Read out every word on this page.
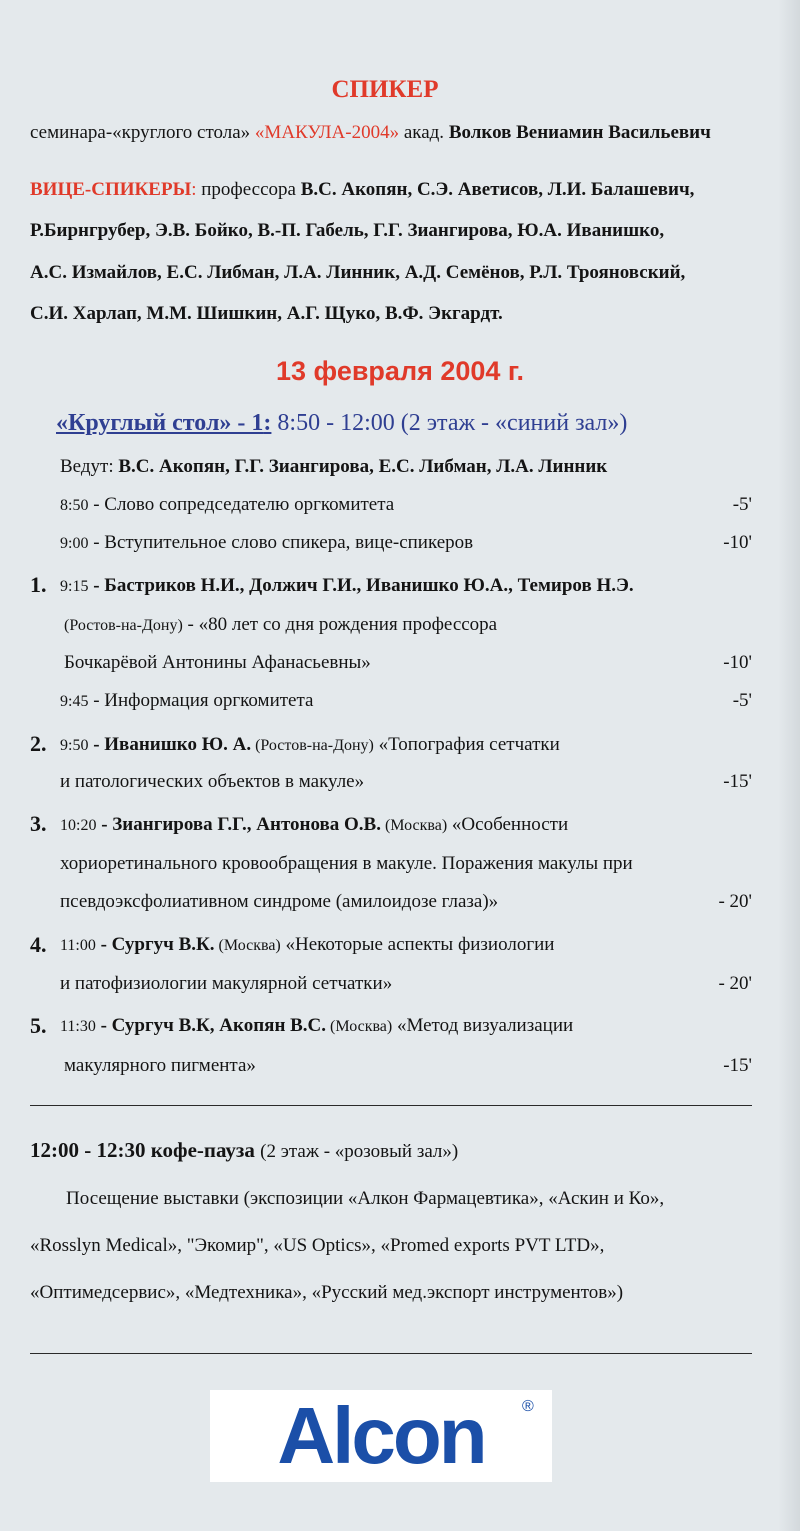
СПИКЕР
семинара-«круглого стола» «МАКУЛА-2004» акад. Волков Вениамин Васильевич
ВИЦЕ-СПИКЕРЫ: профессора В.С. Акопян, С.Э. Аветисов, Л.И. Балашевич,
Р.Бирнгрубер, Э.В. Бойко, В.-П. Габель, Г.Г. Зиангирова, Ю.А. Иванишко,
А.С. Измайлов, Е.С. Либман, Л.А. Линник, А.Д. Семёнов, Р.Л. Трояновский,
С.И. Харлап, М.М. Шишкин, А.Г. Щуко, В.Ф. Экгардт.
13 февраля 2004 г.
«Круглый стол» - 1: 8:50 - 12:00 (2 этаж - «синий зал»)
Ведут: В.С. Акопян, Г.Г. Зиангирова, Е.С. Либман, Л.А. Линник
8:50 - Слово сопредседателю оргкомитета	-5'
9:00 - Вступительное слово спикера, вице-спикеров	-10'
1. 9:15 - Бастриков Н.И., Должич Г.И., Иванишко Ю.А., Темиров Н.Э.
(Ростов-на-Дону) - «80 лет со дня рождения профессора
Бочкарёвой Антонины Афанасьевны»	-10'
9:45 - Информация оргкомитета	-5'
2. 9:50 - Иванишко Ю. А. (Ростов-на-Дону) «Топография сетчатки
и патологических объектов в макуле»	-15'
3. 10:20 - Зиангирова Г.Г., Антонова О.В. (Москва) «Особенности
хориоретинального кровообращения в макуле. Поражения макулы при
псевдоэксфолиативном синдроме (амилоидозе глаза)»	- 20'
4. 11:00 - Сургуч В.К. (Москва) «Некоторые аспекты физиологии
и патофизиологии макулярной сетчатки»	- 20'
5. 11:30 - Сургуч В.К, Акопян В.С. (Москва) «Метод визуализации
макулярного пигмента»	-15'
12:00 - 12:30 кофе-пауза (2 этаж - «розовый зал»)
Посещение выставки (экспозиции «Алкон Фармацевтика», «Аскин и Ко»,
«Rosslyn Medical», "Экомир", «US Optics», «Promed exports PVT LTD»,
«Оптимедсервис», «Медтехника», «Русский мед.экспорт инструментов»)
Alcon	®
